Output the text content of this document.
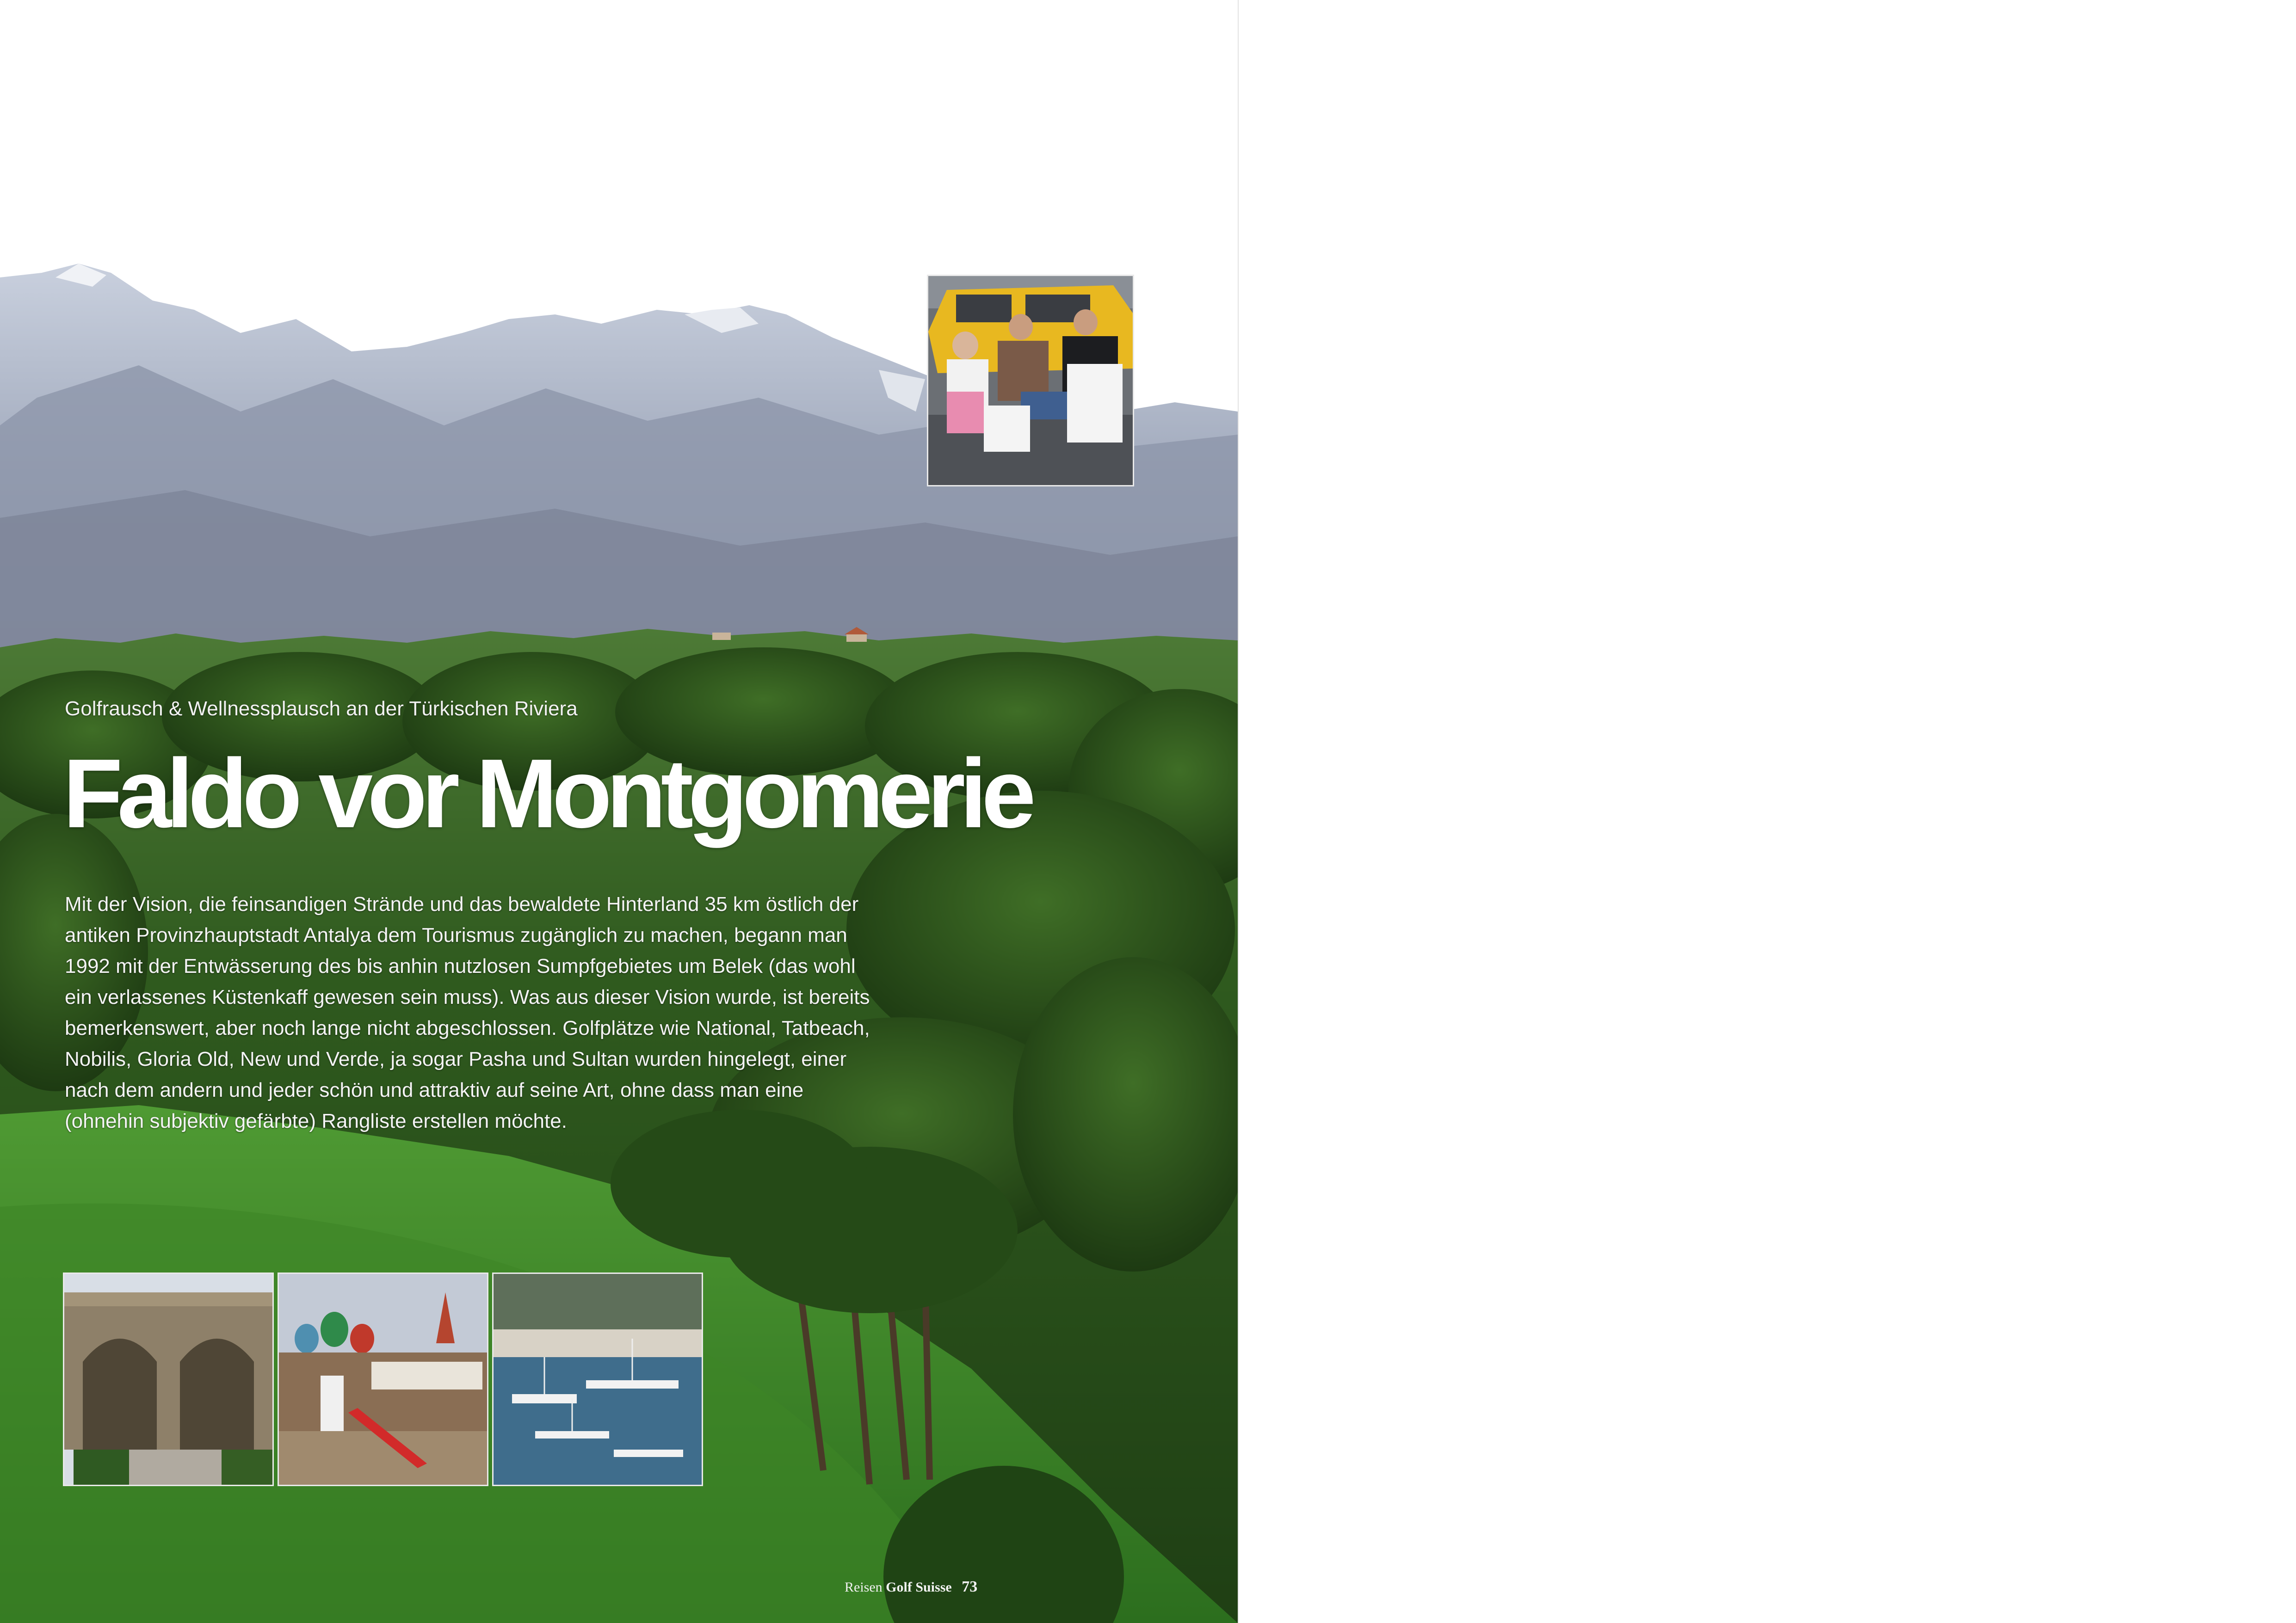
Golfrausch & Wellnessplausch an der Türkischen Riviera
Faldo vor Montgomerie
Mit der Vision, die feinsandigen Strände und das bewaldete Hinterland 35 km östlich der
antiken Provinzhauptstadt Antalya dem Tourismus zugänglich zu machen, begann man
1992 mit der Entwässerung des bis anhin nutzlosen Sumpfgebietes um Belek (das wohl
ein verlassenes Küstenkaff gewesen sein muss). Was aus dieser Vision wurde, ist bereits
bemerkenswert, aber noch lange nicht abgeschlossen. Golfplätze wie National, Tatbeach,
Nobilis, Gloria Old, New und Verde, ja sogar Pasha und Sultan wurden hingelegt, einer
nach dem andern und jeder schön und attraktiv auf seine Art, ohne dass man eine
(ohnehin subjektiv gefärbte) Rangliste erstellen möchte.
Reisen Golf Suisse 73
